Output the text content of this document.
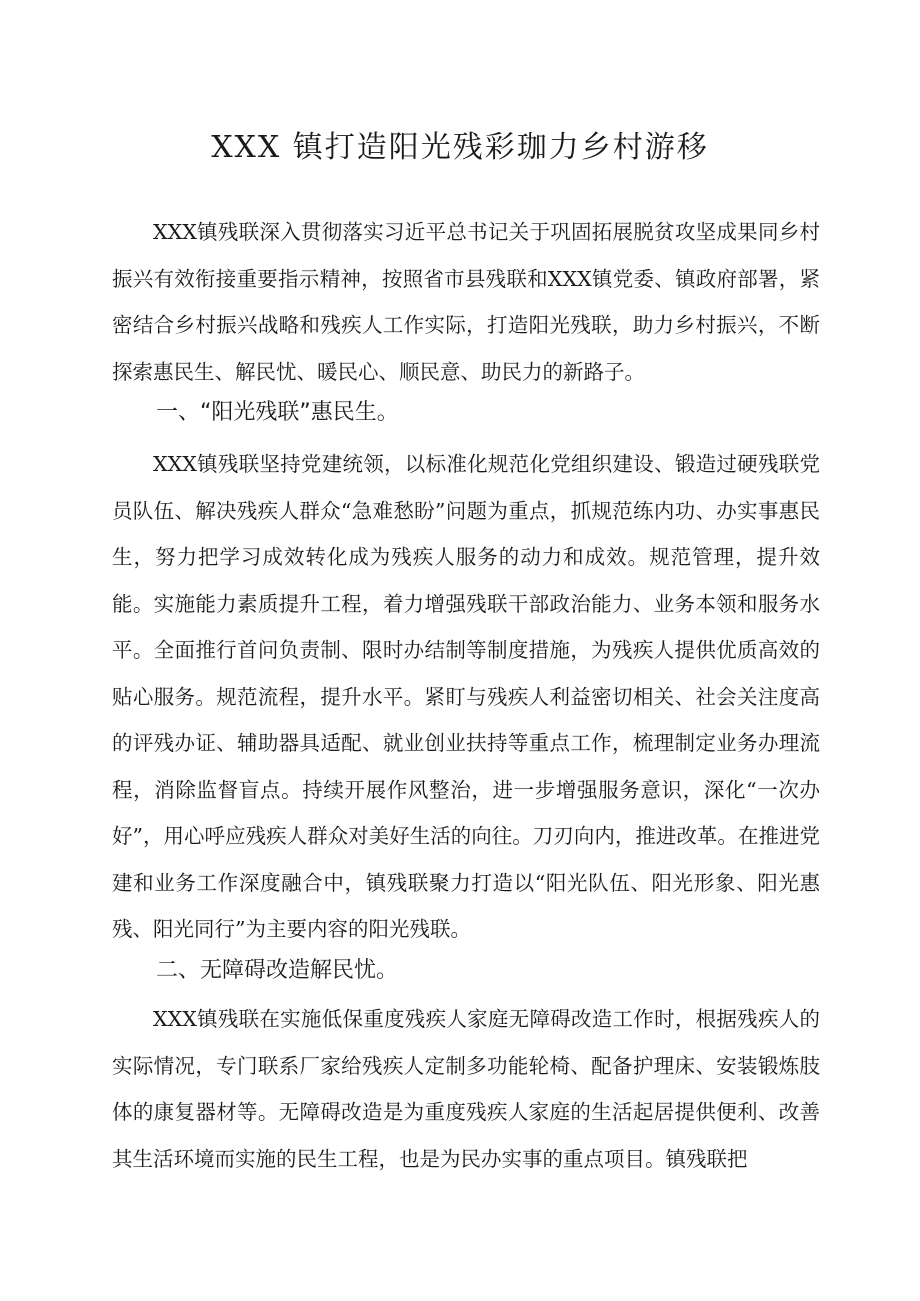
XXX 镇打造阳光残彩珈力乡村游移

XXX镇残联深入贯彻落实习近平总书记关于巩固拓展脱贫攻坚成果同乡村振兴有效衔接重要指示精神，按照省市县残联和XXX镇党委、镇政府部署，紧密结合乡村振兴战略和残疾人工作实际，打造阳光残联，助力乡村振兴，不断探索惠民生、解民忧、暖民心、顺民意、助民力的新路子。

一、“阳光残联”惠民生。

XXX镇残联坚持党建统领，以标准化规范化党组织建设、锻造过硬残联党员队伍、解决残疾人群众“急难愁盼”问题为重点，抓规范练内功、办实事惠民生，努力把学习成效转化成为残疾人服务的动力和成效。规范管理，提升效能。实施能力素质提升工程，着力增强残联干部政治能力、业务本领和服务水平。全面推行首问负责制、限时办结制等制度措施，为残疾人提供优质高效的贴心服务。规范流程，提升水平。紧盯与残疾人利益密切相关、社会关注度高的评残办证、辅助器具适配、就业创业扶持等重点工作，梳理制定业务办理流程，消除监督盲点。持续开展作风整治，进一步增强服务意识，深化“一次办好”，用心呼应残疾人群众对美好生活的向往。刀刃向内，推进改革。在推进党建和业务工作深度融合中，镇残联聚力打造以“阳光队伍、阳光形象、阳光惠残、阳光同行”为主要内容的阳光残联。

二、无障碍改造解民忧。

XXX镇残联在实施低保重度残疾人家庭无障碍改造工作时，根据残疾人的实际情况，专门联系厂家给残疾人定制多功能轮椅、配备护理床、安装锻炼肢体的康复器材等。无障碍改造是为重度残疾人家庭的生活起居提供便利、改善其生活环境而实施的民生工程，也是为民办实事的重点项目。镇残联把
